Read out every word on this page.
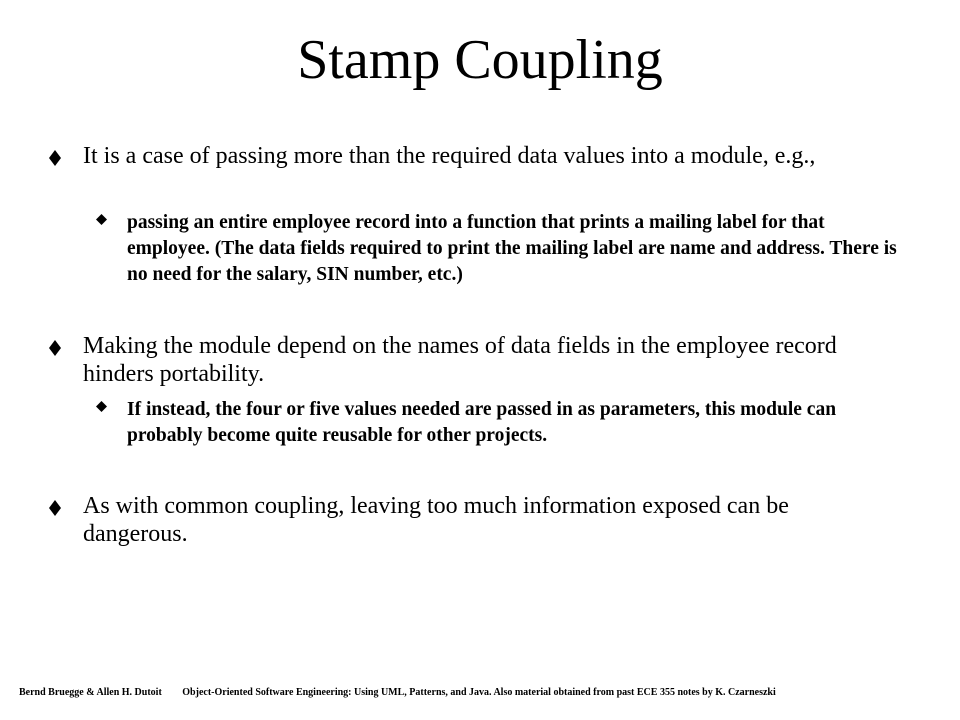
Stamp Coupling
It is a case of passing more than the required data values into a module, e.g.,
passing an entire employee record into a function that prints a mailing label for that employee. (The data fields required to print the mailing label are name and address. There is no need for the salary, SIN number, etc.)
Making the module depend on the names of data fields in the employee record hinders portability.
If instead, the four or five values needed are passed in as parameters, this module can probably become quite reusable for other projects.
As with common coupling, leaving too much information exposed can be dangerous.
Bernd Bruegge & Allen H. Dutoit Object-Oriented Software Engineering: Using UML, Patterns, and Java. Also material obtained from past ECE 355 notes by K. Czarneszki
